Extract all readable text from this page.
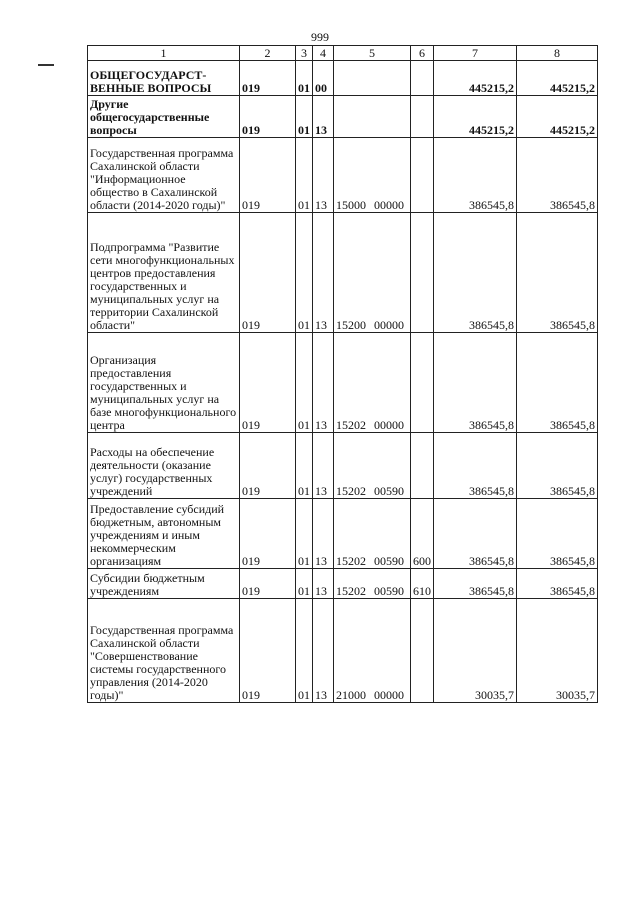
999
1	2	3	4	5	6	7	8
ОБЩЕГОСУДАРСТ-ВЕННЫЕ ВОПРОСЫ	019	01	00			445215,2	445215,2
Другие общегосударственные вопросы	019	01	13			445215,2	445215,2
Государственная программа Сахалинской области "Информационное общество в Сахалинской области (2014-2020 годы)"	019	01	13	15000 00000		386545,8	386545,8
Подпрограмма "Развитие сети многофункциональных центров предоставления государственных и муниципальных услуг на территории Сахалинской области"	019	01	13	15200 00000		386545,8	386545,8
Организация предоставления государственных и муниципальных услуг на базе многофункционального центра	019	01	13	15202 00000		386545,8	386545,8
Расходы на обеспечение деятельности (оказание услуг) государственных учреждений	019	01	13	15202 00590		386545,8	386545,8
Предоставление субсидий бюджетным, автономным учреждениям и иным некоммерческим организациям	019	01	13	15202 00590	600	386545,8	386545,8
Субсидии бюджетным учреждениям	019	01	13	15202 00590	610	386545,8	386545,8
Государственная программа Сахалинской области "Совершенствование системы государственного управления (2014-2020 годы)"	019	01	13	21000 00000		30035,7	30035,7
